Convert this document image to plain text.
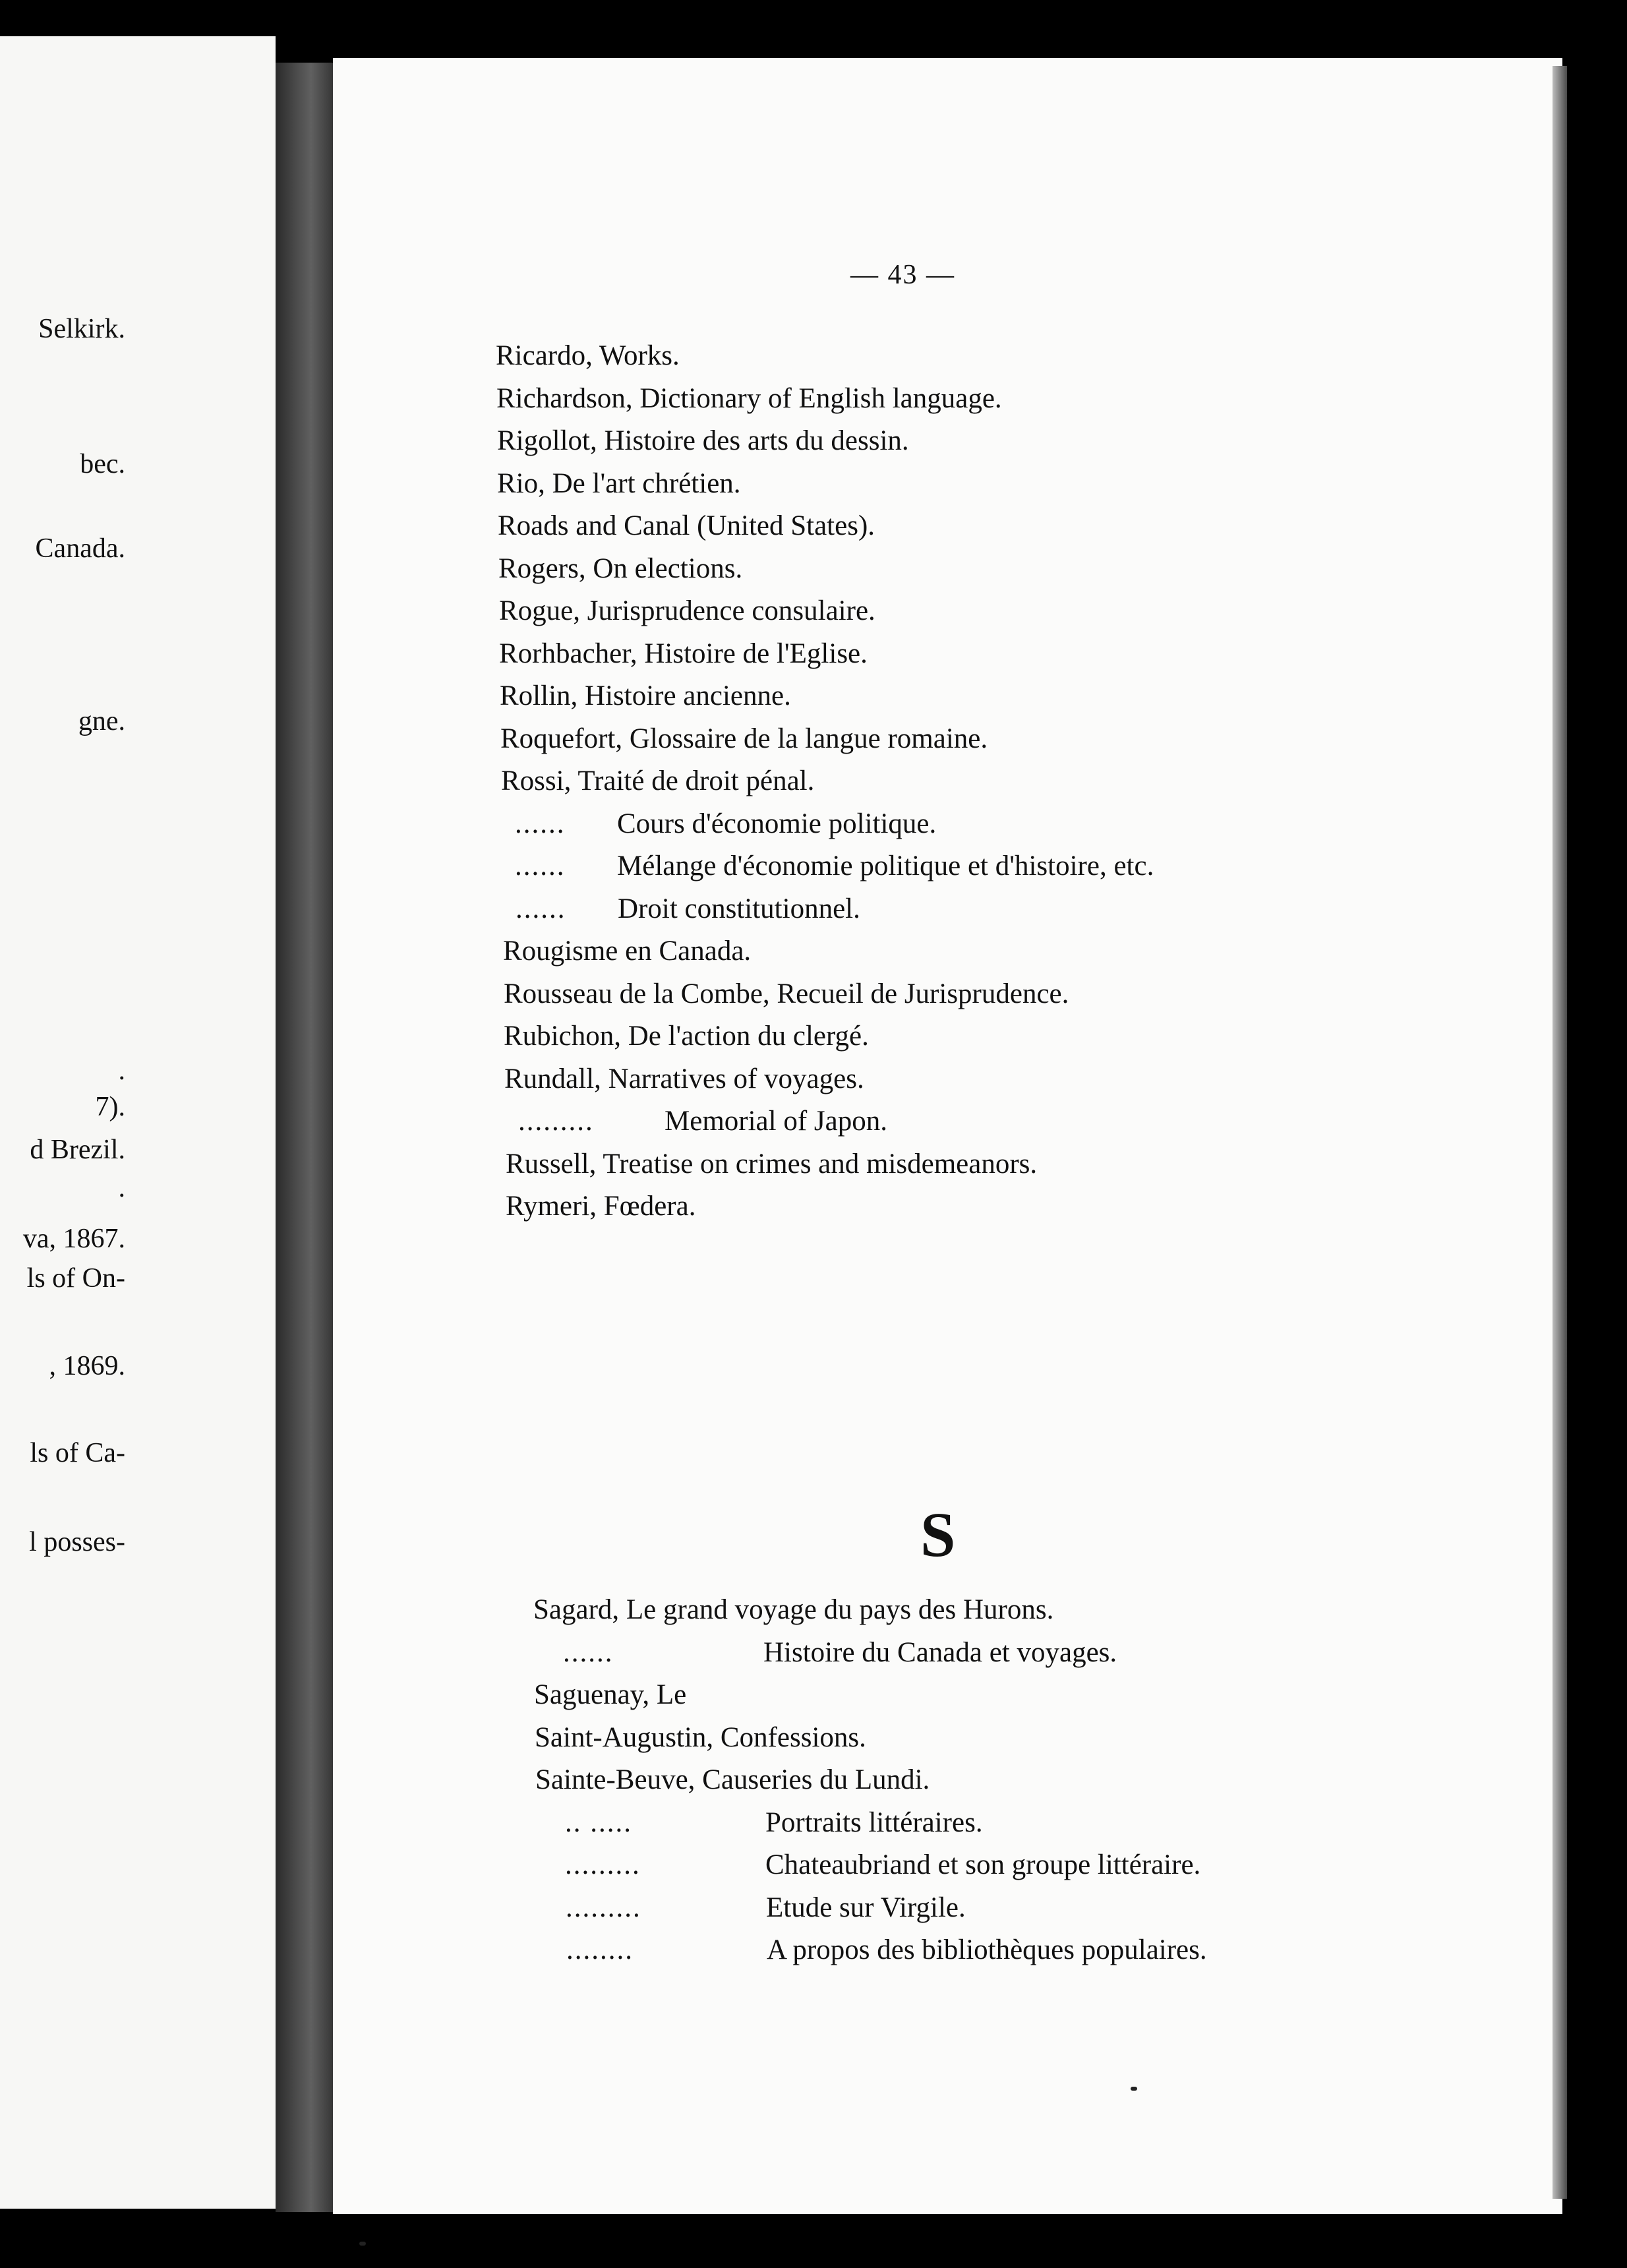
Selkirk.
bec.
Canada.
gne.
.
7).
d Brezil.
.
va, 1867.
ls of On-
, 1869.
ls of Ca-
l posses-
— 43 —
S
Ricardo, Works.
Richardson, Dictionary of English language.
Rigollot, Histoire des arts du dessin.
Rio, De l'art chrétien.
Roads and Canal (United States).
Rogers, On elections.
Rogue, Jurisprudence consulaire.
Rorhbacher, Histoire de l'Eglise.
Rollin, Histoire ancienne.
Roquefort, Glossaire de la langue romaine.
Rossi, Traité de droit pénal.
...... Cours d'économie politique.
...... Mélange d'économie politique et d'histoire, etc.
...... Droit constitutionnel.
Rougisme en Canada.
Rousseau de la Combe, Recueil de Jurisprudence.
Rubichon, De l'action du clergé.
Rundall, Narratives of voyages.
......... Memorial of Japon.
Russell, Treatise on crimes and misdemeanors.
Rymeri, Fœdera.
Sagard, Le grand voyage du pays des Hurons.
......	Histoire du Canada et voyages.
Saguenay, Le
Saint-Augustin, Confessions.
Sainte-Beuve, Causeries du Lundi.
.. .....	Portraits littéraires.
.........	Chateaubriand et son groupe littéraire.
.........	Etude sur Virgile.
........	A propos des bibliothèques populaires.
